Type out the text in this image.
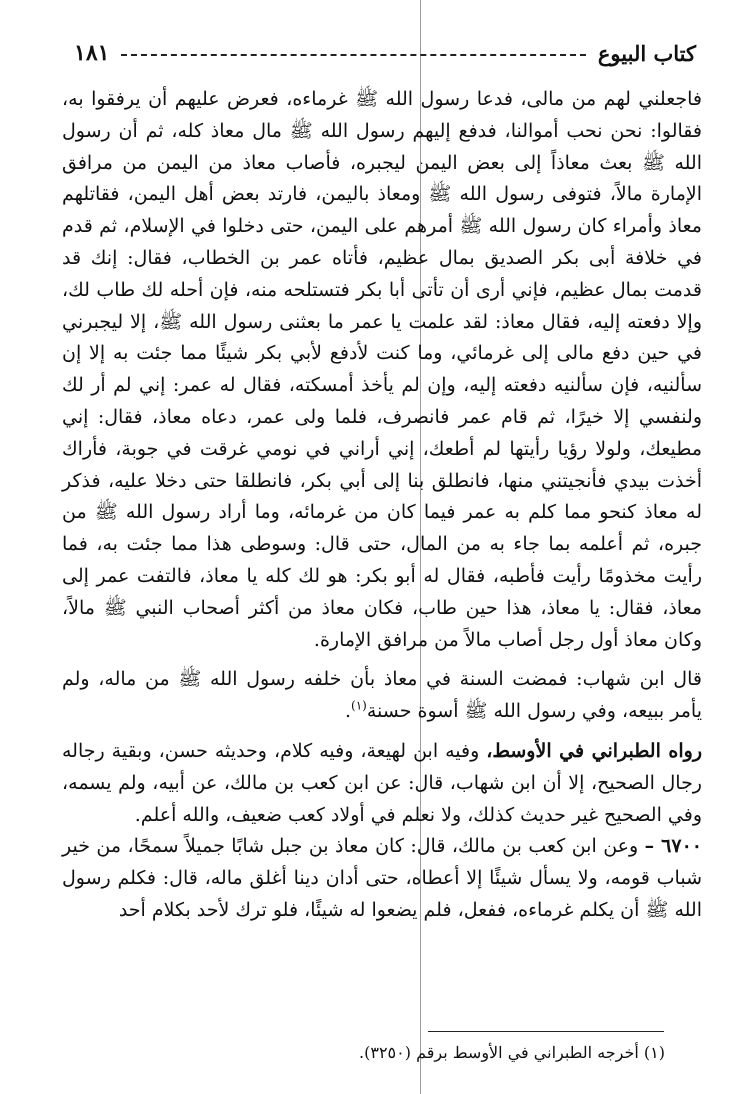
كتاب البيوع
١٨١

فاجعلني لهم من مالى، فدعا رسول الله ﷺ غرماءه، فعرض عليهم أن يرفقوا به، فقالوا: نحن نحب أموالنا، فدفع إليهم رسول الله ﷺ مال معاذ كله، ثم أن رسول الله ﷺ بعث معاذاً إلى بعض اليمن ليجبره، فأصاب معاذ من اليمن من مرافق الإمارة مالاً، فتوفى رسول الله ﷺ ومعاذ باليمن، فارتد بعض أهل اليمن، فقاتلهم معاذ وأمراء كان رسول الله ﷺ أمرهم على اليمن، حتى دخلوا في الإسلام، ثم قدم في خلافة أبى بكر الصديق بمال عظيم، فأتاه عمر بن الخطاب، فقال: إنك قد قدمت بمال عظيم، فإني أرى أن تأتى أبا بكر فتستلحه منه، فإن أحله لك طاب لك، وإلا دفعته إليه، فقال معاذ: لقد علمت يا عمر ما بعثنى رسول الله ﷺ، إلا ليجبرني في حين دفع مالى إلى غرمائي، وما كنت لأدفع لأبي بكر شيئًا مما جئت به إلا إن سألنيه، فإن سألنيه دفعته إليه، وإن لم يأخذ أمسكته، فقال له عمر: إني لم أر لك ولنفسي إلا خيرًا، ثم قام عمر فانصرف، فلما ولى عمر، دعاه معاذ، فقال: إني مطيعك، ولولا رؤيا رأيتها لم أطعك، إني أراني في نومي غرقت في جوبة، فأراك أخذت بيدي فأنجيتني منها، فانطلق بنا إلى أبي بكر، فانطلقا حتى دخلا عليه، فذكر له معاذ كنحو مما كلم به عمر فيما كان من غرمائه، وما أراد رسول الله ﷺ من جبره، ثم أعلمه بما جاء به من المال، حتى قال: وسوطى هذا مما جئت به، فما رأيت مخذومًا رأيت فأطبه، فقال له أبو بكر: هو لك كله يا معاذ، فالتفت عمر إلى معاذ، فقال: يا معاذ، هذا حين طاب، فكان معاذ من أكثر أصحاب النبي ﷺ مالاً، وكان معاذ أول رجل أصاب مالاً من مرافق الإمارة.

قال ابن شهاب: فمضت السنة في معاذ بأن خلفه رسول الله ﷺ من ماله، ولم يأمر ببيعه، وفي رسول الله ﷺ أسوة حسنة$^{(١)}$.

رواه الطبراني في الأوسط، وفيه ابن لهيعة، وفيه كلام، وحديثه حسن، وبقية رجاله رجال الصحيح، إلا أن ابن شهاب، قال: عن ابن كعب بن مالك، عن أبيه، ولم يسمه، وفي الصحيح غير حديث كذلك، ولا نعلم في أولاد كعب ضعيف، والله أعلم.

٦٧٠٠ – وعن ابن كعب بن مالك، قال: كان معاذ بن جبل شابًا جميلاً سمحًا، من خير شباب قومه، ولا يسأل شيئًا إلا أعطاه، حتى أدان دينا أغلق ماله، قال: فكلم رسول الله ﷺ أن يكلم غرماءه، ففعل، فلم يضعوا له شيئًا، فلو ترك لأحد بكلام أحد

(١) أخرجه الطبراني في الأوسط برقم (٣٢٥٠).
